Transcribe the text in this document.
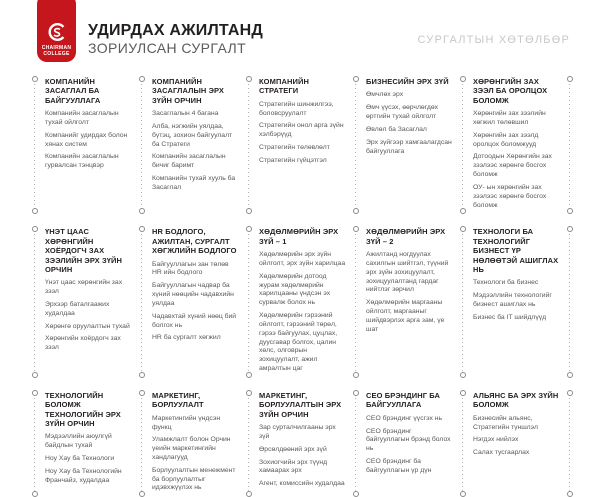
CHAIRMAN
COLLEGE
УДИРДАХ АЖИЛТАНД
ЗОРИУЛСАН СУРГАЛТ
СУРГАЛТЫН ХӨТӨЛБӨР
КОМПАНИЙН ЗАСАГЛАЛ БА БАЙГУУЛЛАГА

Компанийн засаглалын тухай ойлголт

Компанийг удирдах болон хянах систем

Компанийн засаглалын гурвалсан тэнцвэр

КОМПАНИЙН ЗАСАГЛАЛЫН ЭРХ ЗҮЙН ОРЧИН

Засаглалын 4 багана

Алба, нэгжийн уялдаа, бүтэц, зохион байгуулалт ба Стратеги

Компанийн засаглалын бичиг баримт

Компанийн тухай хууль ба Засаглал

КОМПАНИЙН СТРАТЕГИ

Стратегийн шинжилгээ, боловсруулалт

Стратегийн онол арга зүйн хэлбэрүүд

Стратегийн төлөвлөлт

Стратегийн гүйцэтгэл

БИЗНЕСИЙН ЭРХ ЗҮЙ

Өмчлөх эрх

Өмч үүсэх, өөрчлөгдөх өртгийн тухай ойлголт

Өвлөл ба Засаглал

Эрх зүйгээр хамгаалагдсан байгууллага

ХӨРӨНГИЙН ЗАХ ЗЭЭЛ БА ОРОЛЦОХ БОЛОМЖ

Хөрөнгийн зах зээлийн хөгжил төлөвшил

Хөрөнгийн зах зээлд оролцох боломжууд

Дотоодын Хөрөнгийн зах зээлээс хөрөнгө босгох боломж

ОУ- ын хөрөнгийн зах зээлээс хөрөнгө босгох боломж

ҮНЭТ ЦААС ХӨРӨНГИЙН ХОЁРДОГЧ ЗАХ ЗЭЭЛИЙН ЭРХ ЗҮЙН ОРЧИН

Үнэт цаас хөрөнгийн зах зээл

Эрхээр баталгаажих худалдаа

Хөрөнгө оруулалтын тухай

Хөрөнгийн хоёрдогч зах зээл

HR БОДЛОГО, АЖИЛТАН, СУРГАЛТ ХӨГЖЛИЙН БОДЛОГО

Байгууллагын зан төлөв HR ийн бодлого

Байгууллагын чадвар ба хүний нөөцийн чадавхийн уялдаа

Чадавхтай хүний нөөц бий болгох нь

HR ба сургалт хөгжил

ХӨДӨЛМӨРИЙН ЭРХ ЗҮЙ – 1

Хөдөлмөрийн эрх зүйн ойлголт, эрх зүйн харилцаа

Хөдөлмөрийн дотоод журам хөдөлмөрийн харилцааны үндсэн эх сурвалж болох нь

Хөдөлмөрийн гэрээний ойлголт, гэрээний төрөл, гэрээ байгуулах, цуцлах, дуусгавар болгох, цалин хөлс, олговрын зохицуулалт, ажил амралтын цаг

ХӨДӨЛМӨРИЙН ЭРХ ЗҮЙ – 2

Ажилтанд ногдуулах сахилгын шийтгэл, түүний эрх зүйн зохицуулалт, зохицуулалтанд гардаг нийтлэг зөрчил

Хөдөлмөрийн маргааны ойлголт, маргааныг шийдвэрлэх арга зам, үе шат

ТЕХНОЛОГИ БА ТЕХНОЛОГИЙГ БИЗНЕСТ ҮР НӨЛӨӨТЭЙ АШИГЛАХ НЬ

Технологи ба бизнес

Мэдээллийн технологийг бизнест ашиглах нь

Бизнес ба IT шийдлүүд

ТЕХНОЛОГИЙН БОЛОМЖ ТЕХНОЛОГИЙН ЭРХ ЗҮЙН ОРЧИН

Мэдээллийн аюулгүй байдлын тухай

Ноу Хау ба Технологи

Ноу Хау ба Технологийн Франчайз, худалдаа

МАРКЕТИНГ, БОРЛУУЛАЛТ

Маркетингийн үндсэн функц

Уламжлалт болон Орчин үеийн маркетингийн хандлагууд

Борлуулалтын менежмент ба борлуулалтыг идэвхжүүлэх нь

МАРКЕТИНГ, БОРЛУУЛАЛТЫН ЭРХ ЗҮЙН ОРЧИН

Зар сурталчилгааны эрх зүй

Өрсөлдөөний эрх зүй

Зохиогчийн эрх түүнд хамаарах эрх

Агент, комиссийн худалдаа

СЕО БРЭНДИНГ БА БАЙГУУЛЛАГА

СЕО брэндинг үүсгэх нь

СЕО брэндинг байгууллагын брэнд болох нь

СЕО брэндинг ба байгууллагын үр дүн

АЛЬЯНС БА ЭРХ ЗҮЙН БОЛОМЖ

Бизнесийн альянс, Стратегийн түншлэл

Нэгдэх нийлэх

Салах тусгаарлах
